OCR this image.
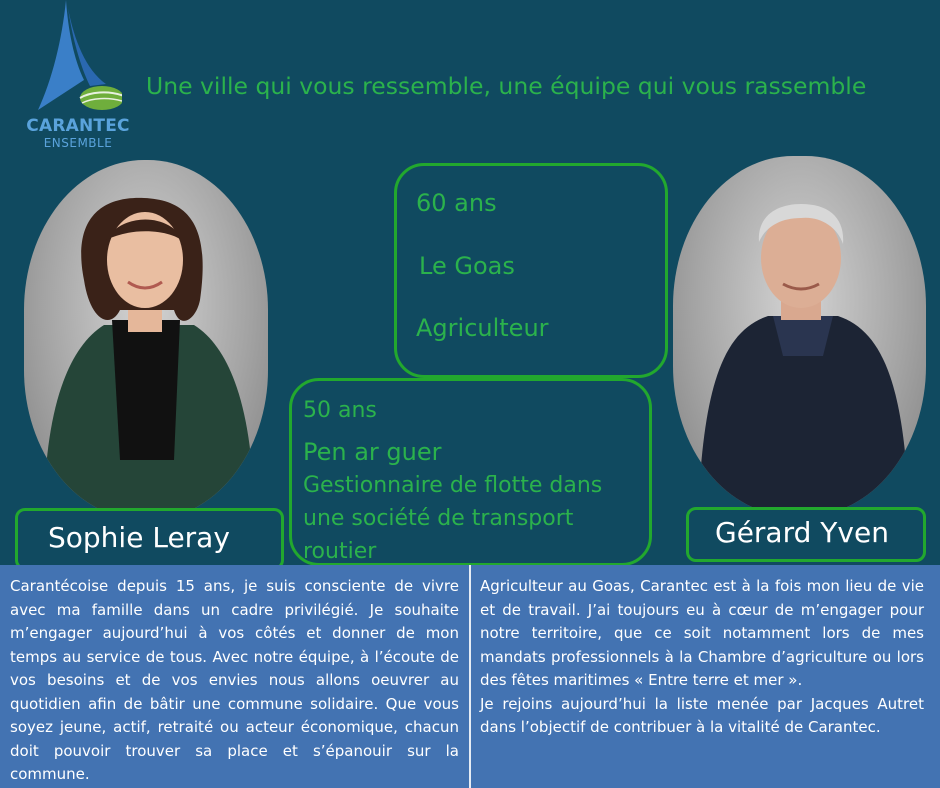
CARANTEC
ENSEMBLE
Une ville qui vous ressemble, une équipe qui vous rassemble
60 ans
Le Goas
Agriculteur
50 ans
Pen ar guer
Gestionnaire de flotte dans
une société de transport
routier
Sophie Leray	Gérard Yven
Carantécoise depuis 15 ans, je suis consciente de vivre avec ma famille dans un cadre privilégié. Je souhaite m’engager aujourd’hui à vos côtés et donner de mon temps au service de tous. Avec notre équipe, à l’écoute de vos besoins et de vos envies nous allons oeuvrer au quotidien afin de bâtir une commune solidaire. Que vous soyez jeune, actif, retraité ou acteur économique, chacun doit pouvoir trouver sa place et s’épanouir sur la commune.
Agriculteur au Goas, Carantec est à la fois mon lieu de vie et de travail. J’ai toujours eu à cœur de m’engager pour notre territoire, que ce soit notamment lors de mes mandats professionnels à la Chambre d’agriculture ou lors des fêtes maritimes « Entre terre et mer ».
Je rejoins aujourd’hui la liste menée par Jacques Autret dans l’objectif de contribuer à la vitalité de Carantec.
